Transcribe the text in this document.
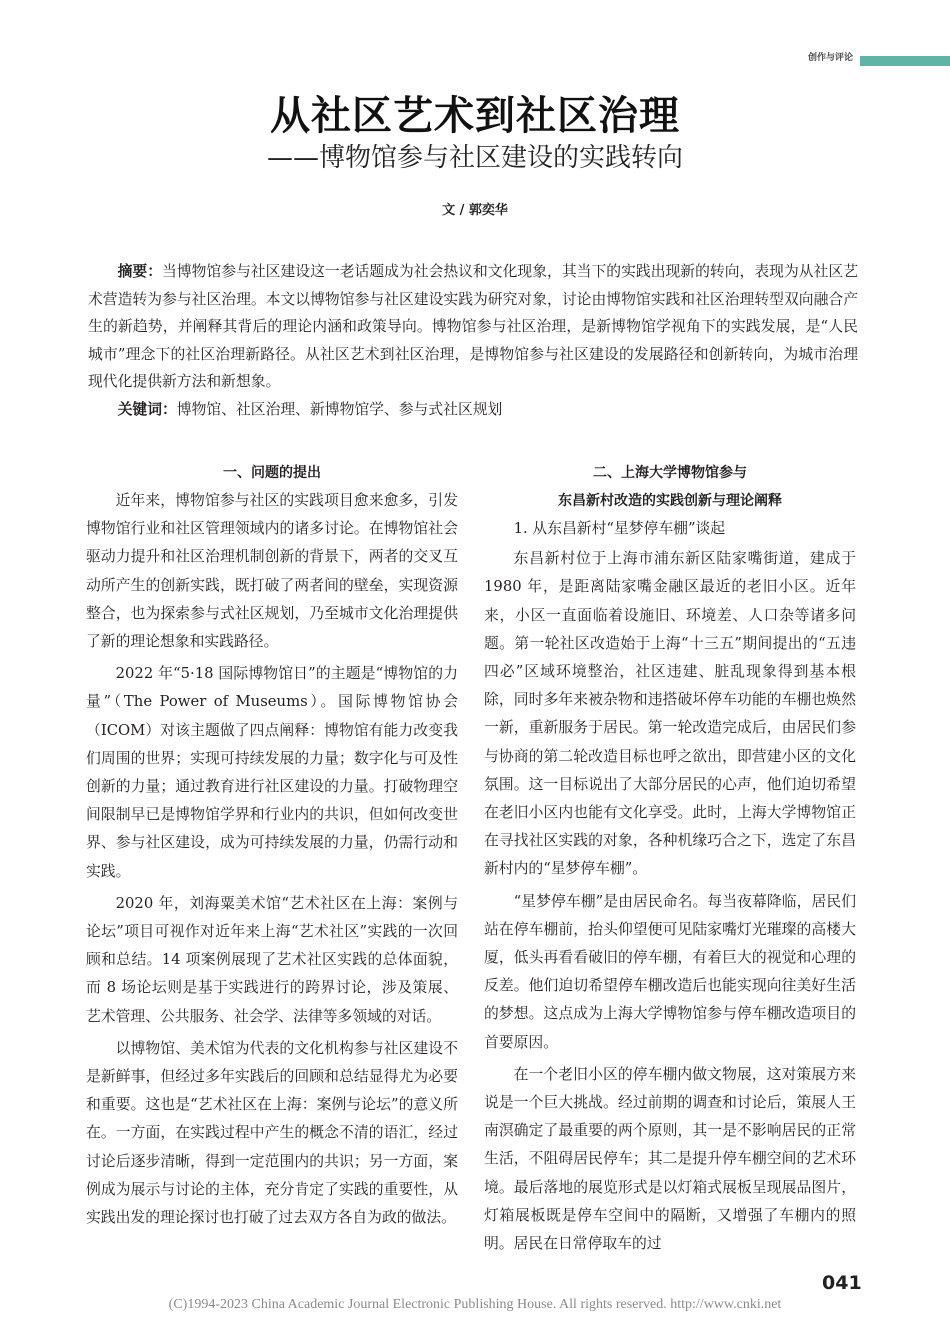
创作与评论
从社区艺术到社区治理
——博物馆参与社区建设的实践转向
文 / 郭奕华

摘要：当博物馆参与社区建设这一老话题成为社会热议和文化现象，其当下的实践出现新的转向，表现为从社区艺术营造转为参与社区治理。本文以博物馆参与社区建设实践为研究对象，讨论由博物馆实践和社区治理转型双向融合产生的新趋势，并阐释其背后的理论内涵和政策导向。博物馆参与社区治理，是新博物馆学视角下的实践发展，是“人民城市”理念下的社区治理新路径。从社区艺术到社区治理，是博物馆参与社区建设的发展路径和创新转向，为城市治理现代化提供新方法和新想象。

关键词：博物馆、社区治理、新博物馆学、参与式社区规划

一、问题的提出

近年来，博物馆参与社区的实践项目愈来愈多，引发博物馆行业和社区管理领域内的诸多讨论。在博物馆社会驱动力提升和社区治理机制创新的背景下，两者的交叉互动所产生的创新实践，既打破了两者间的壁垒，实现资源整合，也为探索参与式社区规划，乃至城市文化治理提供了新的理论想象和实践路径。

2022 年“5·18 国际博物馆日”的主题是“博物馆的力量”（The Power of Museums）。国际博物馆协会（ICOM）对该主题做了四点阐释：博物馆有能力改变我们周围的世界；实现可持续发展的力量；数字化与可及性创新的力量；通过教育进行社区建设的力量。打破物理空间限制早已是博物馆学界和行业内的共识，但如何改变世界、参与社区建设，成为可持续发展的力量，仍需行动和实践。

2020 年，刘海粟美术馆“艺术社区在上海：案例与论坛”项目可视作对近年来上海“艺术社区”实践的一次回顾和总结。14 项案例展现了艺术社区实践的总体面貌，而 8 场论坛则是基于实践进行的跨界讨论，涉及策展、艺术管理、公共服务、社会学、法律等多领域的对话。

以博物馆、美术馆为代表的文化机构参与社区建设不是新鲜事，但经过多年实践后的回顾和总结显得尤为必要和重要。这也是“艺术社区在上海：案例与论坛”的意义所在。一方面，在实践过程中产生的概念不清的语汇，经过讨论后逐步清晰，得到一定范围内的共识；另一方面，案例成为展示与讨论的主体，充分肯定了实践的重要性，从实践出发的理论探讨也打破了过去双方各自为政的做法。

二、上海大学博物馆参与
东昌新村改造的实践创新与理论阐释
1. 从东昌新村“星梦停车棚”谈起

东昌新村位于上海市浦东新区陆家嘴街道，建成于 1980 年，是距离陆家嘴金融区最近的老旧小区。近年来，小区一直面临着设施旧、环境差、人口杂等诸多问题。第一轮社区改造始于上海“十三五”期间提出的“五违四必”区域环境整治，社区违建、脏乱现象得到基本根除，同时多年来被杂物和违搭破坏停车功能的车棚也焕然一新，重新服务于居民。第一轮改造完成后，由居民们参与协商的第二轮改造目标也呼之欲出，即营建小区的文化氛围。这一目标说出了大部分居民的心声，他们迫切希望在老旧小区内也能有文化享受。此时，上海大学博物馆正在寻找社区实践的对象，各种机缘巧合之下，选定了东昌新村内的“星梦停车棚”。

“星梦停车棚”是由居民命名。每当夜幕降临，居民们站在停车棚前，抬头仰望便可见陆家嘴灯光璀璨的高楼大厦，低头再看看破旧的停车棚，有着巨大的视觉和心理的反差。他们迫切希望停车棚改造后也能实现向往美好生活的梦想。这点成为上海大学博物馆参与停车棚改造项目的首要原因。

在一个老旧小区的停车棚内做文物展，这对策展方来说是一个巨大挑战。经过前期的调查和讨论后，策展人王南溟确定了最重要的两个原则，其一是不影响居民的正常生活，不阻碍居民停车；其二是提升停车棚空间的艺术环境。最后落地的展览形式是以灯箱式展板呈现展品图片，灯箱展板既是停车空间中的隔断，又增强了车棚内的照明。居民在日常停取车的过

041
(C)1994-2023 China Academic Journal Electronic Publishing House. All rights reserved. http://www.cnki.net
